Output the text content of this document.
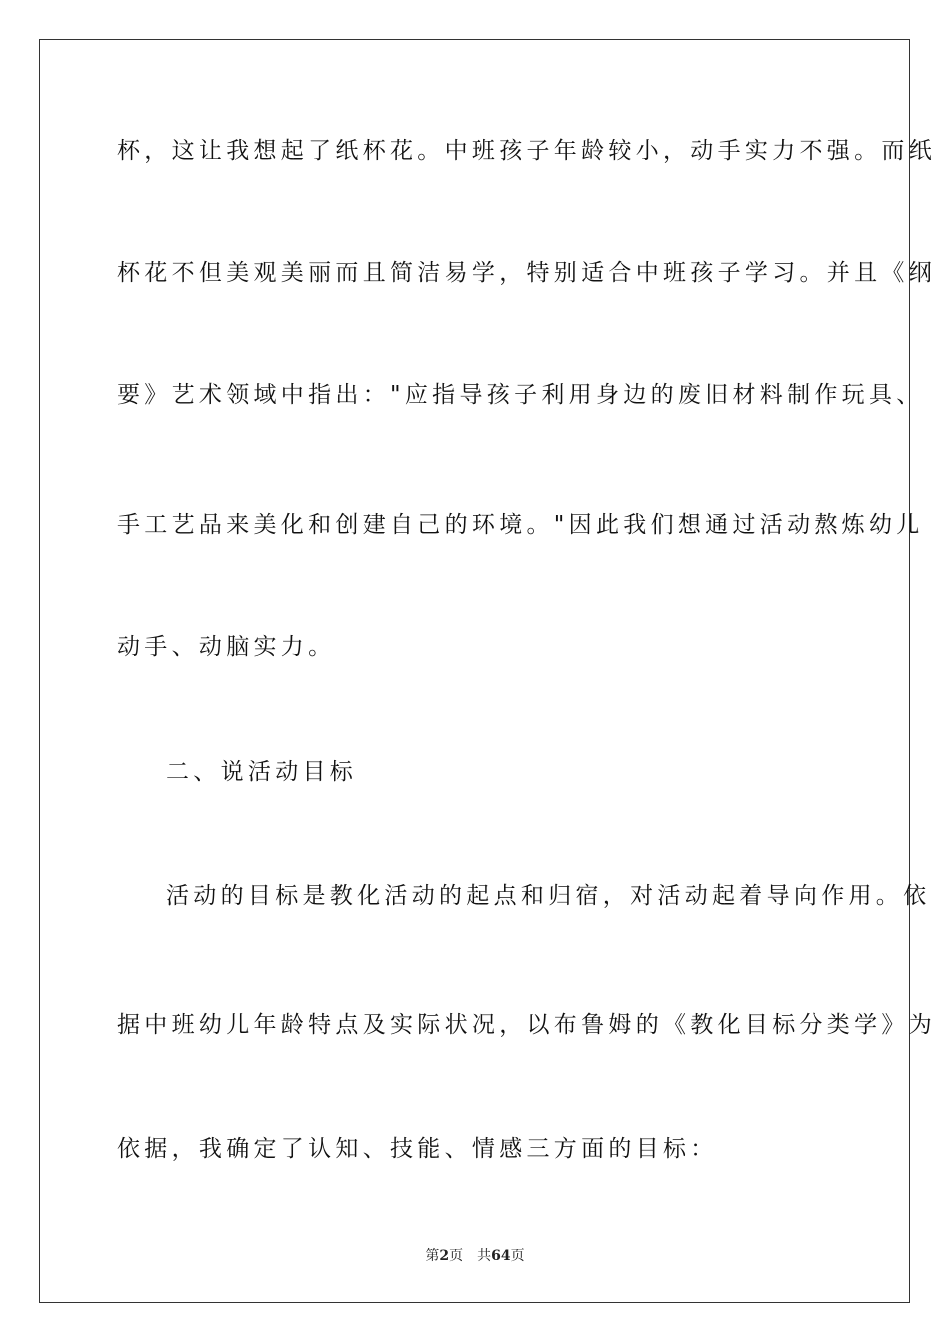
杯，这让我想起了纸杯花。中班孩子年龄较小，动手实力不强。而纸
杯花不但美观美丽而且简洁易学，特别适合中班孩子学习。并且《纲
要》艺术领域中指出："应指导孩子利用身边的废旧材料制作玩具、
手工艺品来美化和创建自己的环境。"因此我们想通过活动熬炼幼儿
动手、动脑实力。
二、说活动目标
活动的目标是教化活动的起点和归宿，对活动起着导向作用。依
据中班幼儿年龄特点及实际状况，以布鲁姆的《教化目标分类学》为
依据，我确定了认知、技能、情感三方面的目标：
第2页 共64页
